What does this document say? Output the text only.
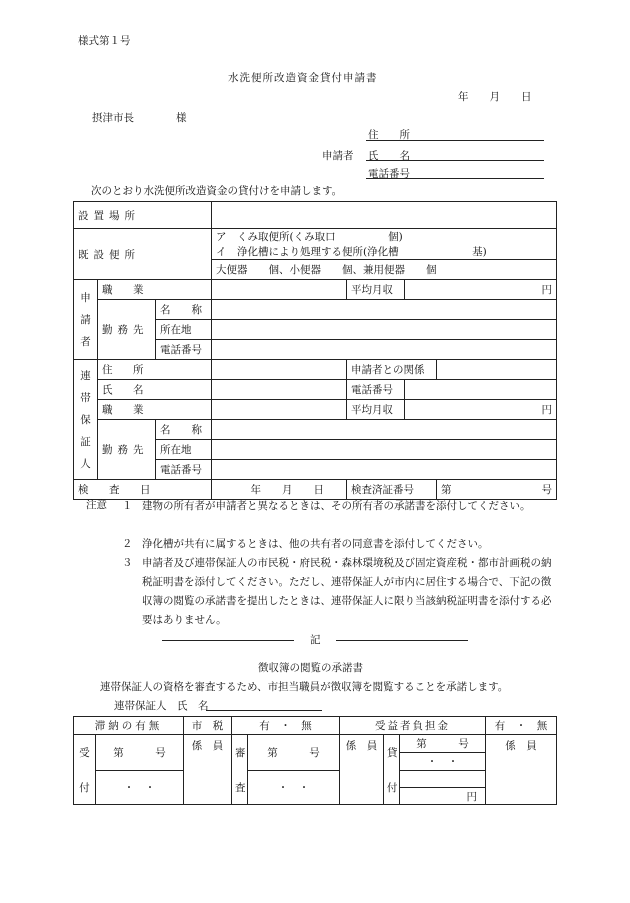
様式第１号
水洗便所改造資金貸付申請書
年　　月　　日
摂津市長　　　　様
申請者
住　　所
氏　　名
電話番号
次のとおり水洗便所改造資金の貸付けを申請します。
設置場所						
既設便所			ア　くみ取便所(くみ取口　　　　　個)			
			イ　浄化槽により処理する便所(浄化槽　　　　　　　基)			
			大便器　　個、小便器　　個、兼用便器　　個			
申請者	職　業			平均月収	円	
	勤務先	名　　称				
		所在地				
		電話番号				
連帯保証人	住　所			申請者との関係		
	氏　名			電話番号		
	職　業			平均月収	円	
	勤務先	名　　称				
		所在地				
		電話番号				
検　査　日			年　　月　　日	検査済証番号		第 号
注意 １ 建物の所有者が申請者と異なるときは、その所有者の承諾書を添付してください。
２ 浄化槽が共有に属するときは、他の共有者の同意書を添付してください。
３ 申請者及び連帯保証人の市民税・府民税・森林環境税及び固定資産税・都市計画税の納税証明書を添付してください。ただし、連帯保証人が市内に居住する場合で、下記の徴収簿の閲覧の承諾書を提出したときは、連帯保証人に限り当該納税証明書を添付する必要はありません。
記
徴収簿の閲覧の承諾書
連帯保証人の資格を審査するため、市担当職員が徴収簿を閲覧することを承諾します。
連帯保証人　氏　名
滞納の有無		市　税	有　・　無		受益者負担金			有　・　無
受	第　　　号	係　員	審	第　　　号	係　員	貸	第　　　号	係　員
							・　・	
付	・　・		査	・　・		付		
							円	
